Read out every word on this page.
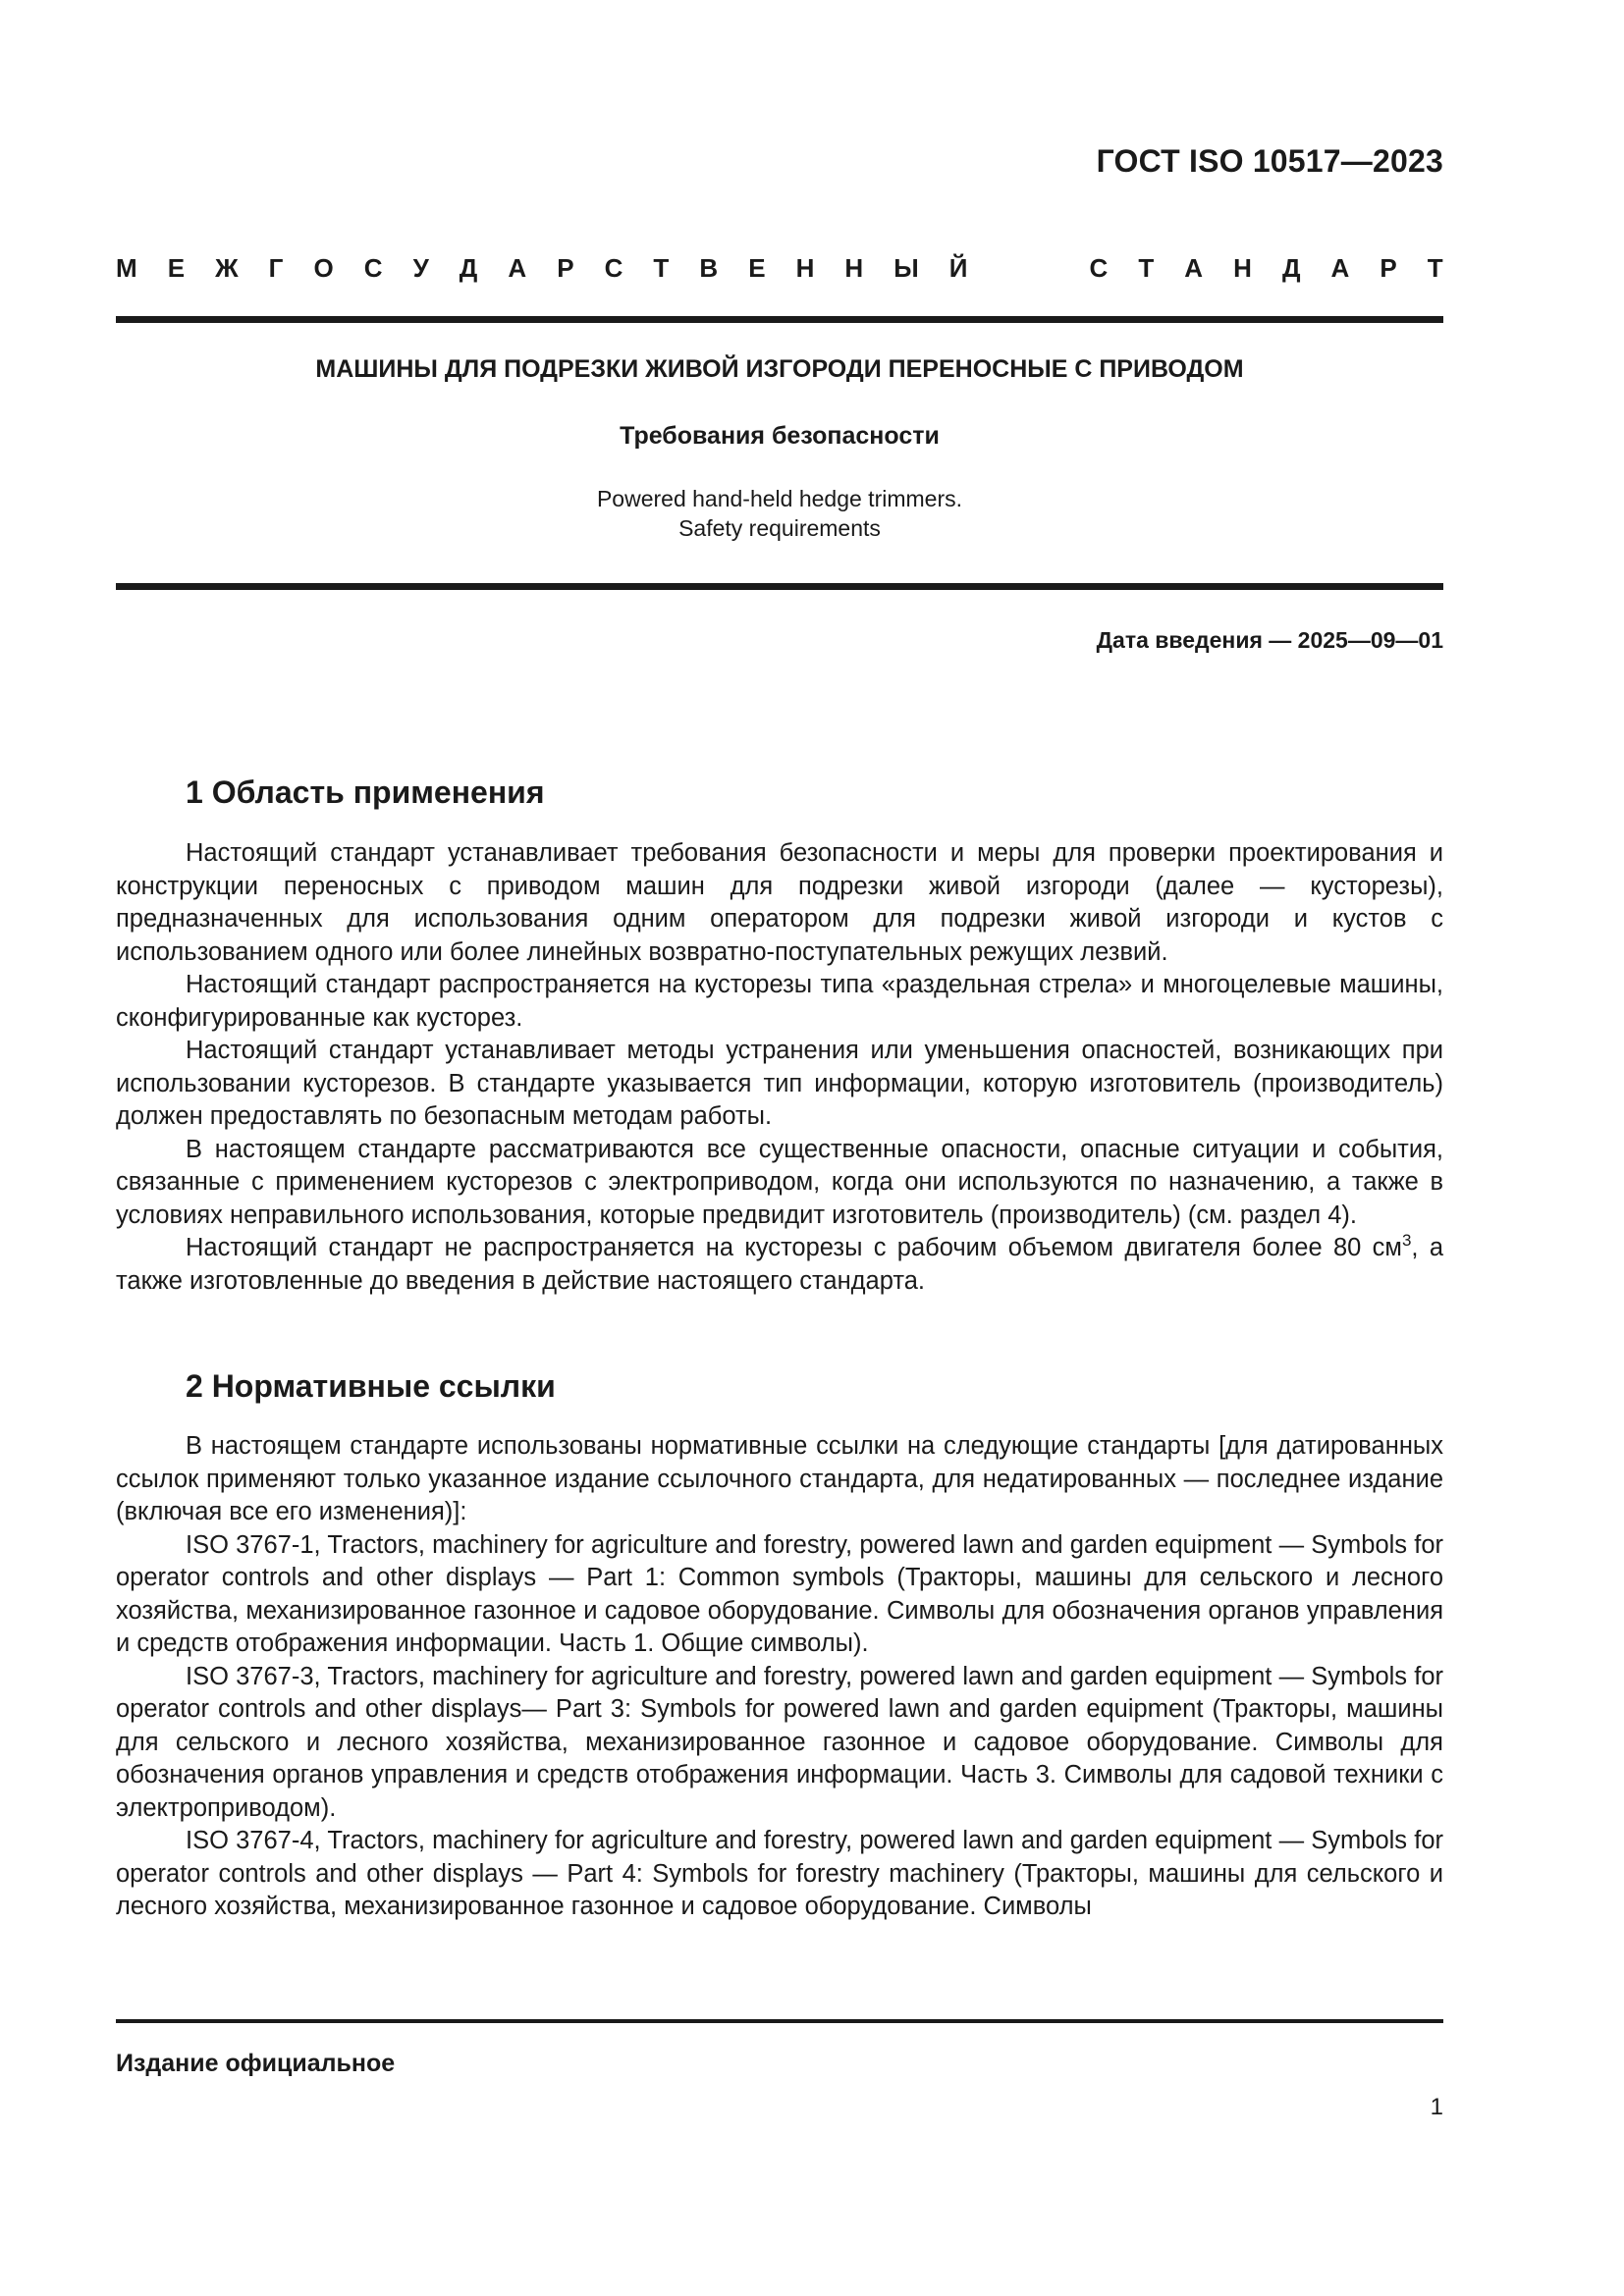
ГОСТ ISO 10517—2023
М Е Ж Г О С У Д А Р С Т В Е Н Н Ы Й	С Т А Н Д А Р Т
МАШИНЫ ДЛЯ ПОДРЕЗКИ ЖИВОЙ ИЗГОРОДИ ПЕРЕНОСНЫЕ С ПРИВОДОМ
Требования безопасности
Powered hand-held hedge trimmers.
Safety requirements
Дата введения — 2025—09—01
1 Область применения

Настоящий стандарт устанавливает требования безопасности и меры для проверки проектирования и конструкции переносных с приводом машин для подрезки живой изгороди (далее — кусторезы), предназначенных для использования одним оператором для подрезки живой изгороди и кустов с использованием одного или более линейных возвратно-поступательных режущих лезвий.

Настоящий стандарт распространяется на кусторезы типа «раздельная стрела» и многоцелевые машины, сконфигурированные как кусторез.

Настоящий стандарт устанавливает методы устранения или уменьшения опасностей, возникающих при использовании кусторезов. В стандарте указывается тип информации, которую изготовитель (производитель) должен предоставлять по безопасным методам работы.

В настоящем стандарте рассматриваются все существенные опасности, опасные ситуации и события, связанные с применением кусторезов с электроприводом, когда они используются по назначению, а также в условиях неправильного использования, которые предвидит изготовитель (производитель) (см. раздел 4).

Настоящий стандарт не распространяется на кусторезы с рабочим объемом двигателя более 80 $см^3$, а также изготовленные до введения в действие настоящего стандарта.

2 Нормативные ссылки

В настоящем стандарте использованы нормативные ссылки на следующие стандарты [для датированных ссылок применяют только указанное издание ссылочного стандарта, для недатированных — последнее издание (включая все его изменения)]:

ISO 3767-1, Tractors, machinery for agriculture and forestry, powered lawn and garden equipment — Symbols for operator controls and other displays — Part 1: Common symbols (Тракторы, машины для сельского и лесного хозяйства, механизированное газонное и садовое оборудование. Символы для обозначения органов управления и средств отображения информации. Часть 1. Общие символы).

ISO 3767-3, Tractors, machinery for agriculture and forestry, powered lawn and garden equipment — Symbols for operator controls and other displays— Part 3: Symbols for powered lawn and garden equipment (Тракторы, машины для сельского и лесного хозяйства, механизированное газонное и садовое оборудование. Символы для обозначения органов управления и средств отображения информации. Часть 3. Символы для садовой техники с электроприводом).

ISO 3767-4, Tractors, machinery for agriculture and forestry, powered lawn and garden equipment — Symbols for operator controls and other displays — Part 4: Symbols for forestry machinery (Тракторы, машины для сельского и лесного хозяйства, механизированное газонное и садовое оборудование. Символы

Издание официальное
1
